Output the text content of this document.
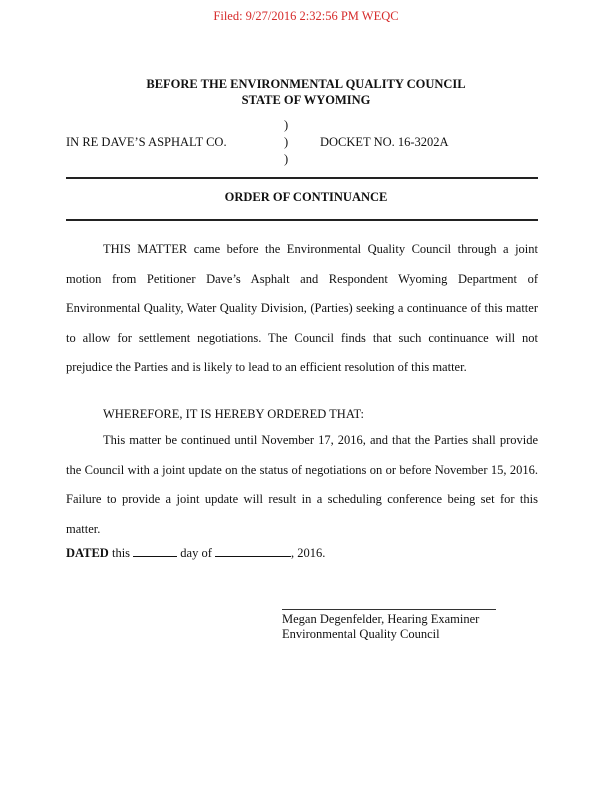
Filed: 9/27/2016 2:32:56 PM WEQC
BEFORE THE ENVIRONMENTAL QUALITY COUNCIL
STATE OF WYOMING
IN RE DAVE’S ASPHALT CO.
)
)
)
DOCKET NO. 16-3202A
ORDER OF CONTINUANCE

THIS MATTER came before the Environmental Quality Council through a joint motion from Petitioner Dave’s Asphalt and Respondent Wyoming Department of Environmental Quality, Water Quality Division, (Parties) seeking a continuance of this matter to allow for settlement negotiations. The Council finds that such continuance will not prejudice the Parties and is likely to lead to an efficient resolution of this matter.

WHEREFORE, IT IS HEREBY ORDERED THAT:

This matter be continued until November 17, 2016, and that the Parties shall provide the Council with a joint update on the status of negotiations on or before November 15, 2016. Failure to provide a joint update will result in a scheduling conference being set for this matter.

DATED this	day of	, 2016.
Megan Degenfelder, Hearing Examiner
Environmental Quality Council
